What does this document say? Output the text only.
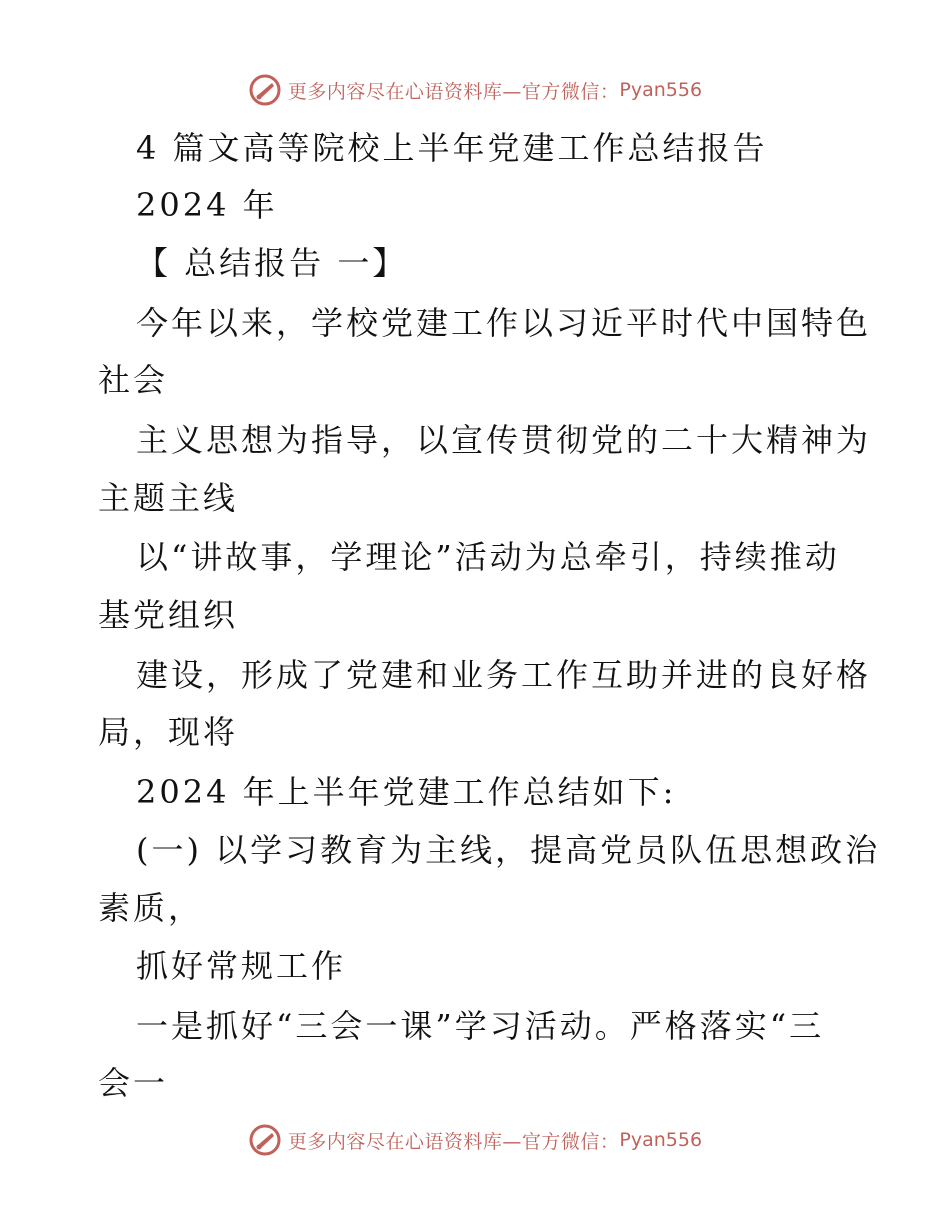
更多内容尽在心语资料库—官方微信： Pyan556
4 篇文高等院校上半年党建工作总结报告
2024 年
【 总结报告 一】
今年以来，学校党建工作以习近平时代中国特色
社会
主义思想为指导，以宣传贯彻党的二十大精神为
主题主线
以“讲故事，学理论”活动为总牵引，持续推动
基党组织
建设，形成了党建和业务工作互助并进的良好格
局，现将
2024 年上半年党建工作总结如下:
(一) 以学习教育为主线，提高党员队伍思想政治
素质，
抓好常规工作
一是抓好“三会一课”学习活动。严格落实“三
会一
更多内容尽在心语资料库—官方微信： Pyan556
